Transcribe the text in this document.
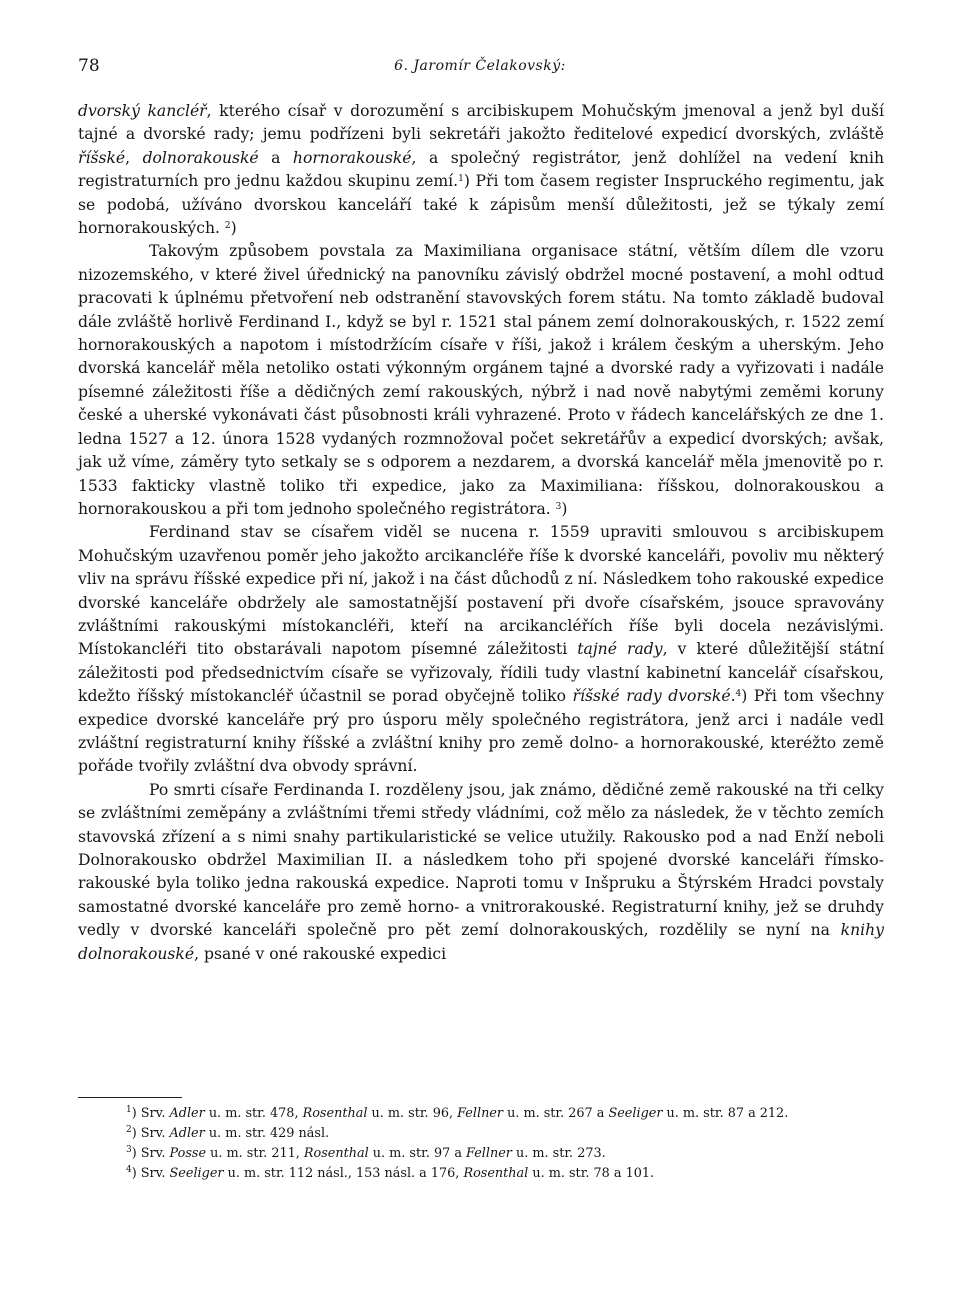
78	6. Jaromír Čelakovský:

dvorský kancléř, kterého císař v dorozumění s arcibiskupem Mohučským jmenoval a jenž byl duší tajné a dvorské rady; jemu podřízeni byli sekretáři jakožto ředitelové expedicí dvorských, zvláště říšské, dolnorakouské a hornorakouské, a společný registrátor, jenž dohlížel na vedení knih registraturních pro jednu každou skupinu zemí.$^1$) Při tom časem register Inspruckého regimentu, jak se podobá, užíváno dvorskou kanceláří také k zápisům menší důležitosti, jež se týkaly zemí hornorakouských. $^2$)

Takovým způsobem povstala za Maximiliana organisace státní, větším dílem dle vzoru nizozemského, v které živel úřednický na panovníku závislý obdržel mocné postavení, a mohl odtud pracovati k úplnému přetvoření neb odstranění stavovských forem státu. Na tomto základě budoval dále zvláště horlivě Ferdinand I., když se byl r. 1521 stal pánem zemí dolnorakouských, r. 1522 zemí hornorakouských a napotom i místodržícím císaře v říši, jakož i králem českým a uherským. Jeho dvorská kancelář měla netoliko ostati výkonným orgánem tajné a dvorské rady a vyřizovati i nadále písemné záležitosti říše a dědičných zemí rakouských, nýbrž i nad nově nabytými zeměmi koruny české a uherské vykonávati část působnosti králi vyhrazené. Proto v řádech kancelářských ze dne 1. ledna 1527 a 12. února 1528 vydaných rozmnožoval počet sekretářův a expedicí dvorských; avšak, jak už víme, záměry tyto setkaly se s odporem a nezdarem, a dvorská kancelář měla jmenovitě po r. 1533 fakticky vlastně toliko tři expedice, jako za Maximiliana: říšskou, dolnorakouskou a hornorakouskou a při tom jednoho společného registrátora. $^3$)

Ferdinand stav se císařem viděl se nucena r. 1559 upraviti smlouvou s arcibiskupem Mohučským uzavřenou poměr jeho jakožto arcikancléře říše k dvorské kanceláři, povoliv mu některý vliv na správu říšské expedice při ní, jakož i na část důchodů z ní. Následkem toho rakouské expedice dvorské kanceláře obdržely ale samostatnější postavení při dvoře císařském, jsouce spravovány zvláštními rakouskými místokancléři, kteří na arcikancléřích říše byli docela nezávislými. Místokancléři tito obstarávali napotom písemné záležitosti tajné rady, v které důležitější státní záležitosti pod předsednictvím císaře se vyřizovaly, řídili tudy vlastní kabinetní kancelář císařskou, kdežto říšský místokancléř účastnil se porad obyčejně toliko říšské rady dvorské.$^4$) Při tom všechny expedice dvorské kanceláře prý pro úsporu měly společného registrátora, jenž arci i nadále vedl zvláštní registraturní knihy říšské a zvláštní knihy pro země dolno- a hornorakouské, kteréžto země pořáde tvořily zvláštní dva obvody správní.

Po smrti císaře Ferdinanda I. rozděleny jsou, jak známo, dědičné země rakouské na tři celky se zvláštními zeměpány a zvláštními třemi středy vládními, což mělo za následek, že v těchto zemích stavovská zřízení a s nimi snahy partikularistické se velice utužily. Rakousko pod a nad Enží neboli Dolnorakousko obdržel Maximilian II. a následkem toho při spojené dvorské kanceláři římsko-rakouské byla toliko jedna rakouská expedice. Naproti tomu v Inšpruku a Štýrském Hradci povstaly samostatné dvorské kanceláře pro země horno- a vnitrorakouské. Registraturní knihy, jež se druhdy vedly v dvorské kanceláři společně pro pět zemí dolnorakouských, rozdělily se nyní na knihy dolnorakouské, psané v oné rakouské expedici

$^1$) Srv. Adler u. m. str. 478, Rosenthal u. m. str. 96, Fellner u. m. str. 267 a Seeliger u. m. str. 87 a 212.
$^2$) Srv. Adler u. m. str. 429 násl.
$^3$) Srv. Posse u. m. str. 211, Rosenthal u. m. str. 97 a Fellner u. m. str. 273.
$^4$) Srv. Seeliger u. m. str. 112 násl., 153 násl. a 176, Rosenthal u. m. str. 78 a 101.
